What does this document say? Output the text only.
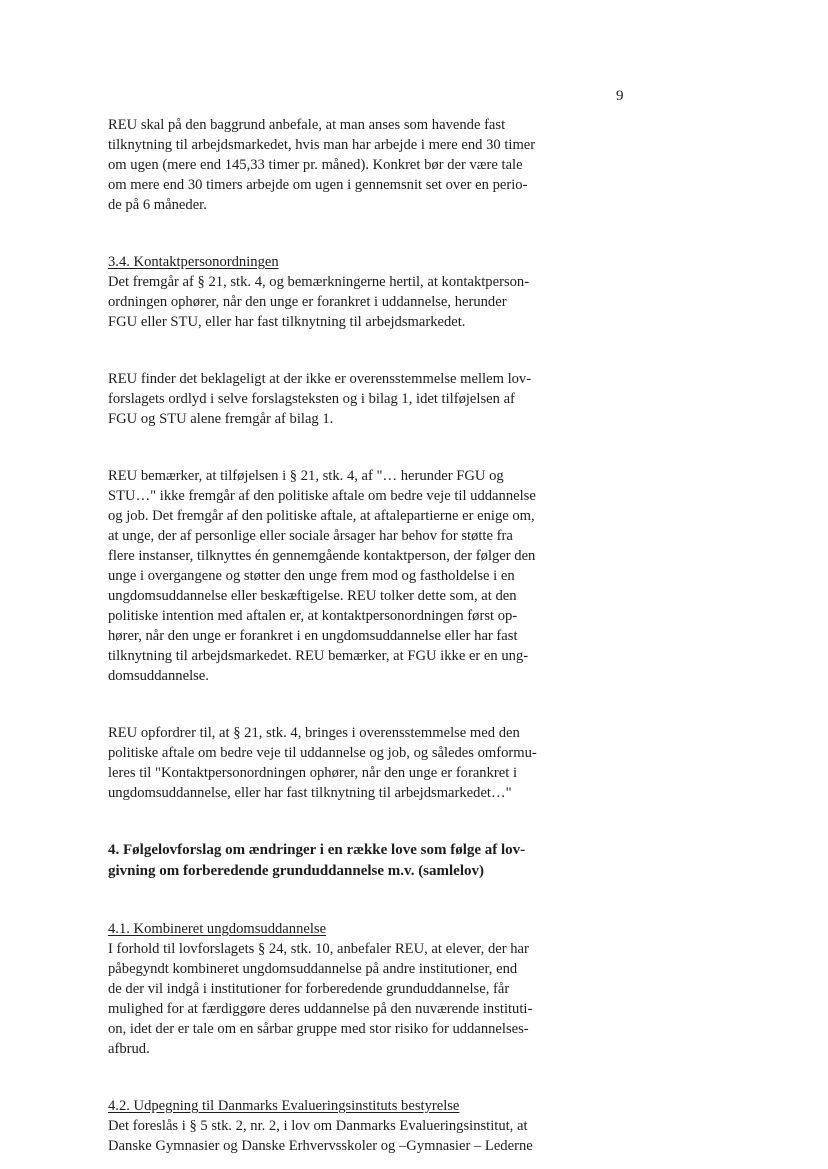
9

REU skal på den baggrund anbefale, at man anses som havende fast
tilknytning til arbejdsmarkedet, hvis man har arbejde i mere end 30 timer
om ugen (mere end 145,33 timer pr. måned). Konkret bør der være tale
om mere end 30 timers arbejde om ugen i gennemsnit set over en perio-
de på 6 måneder.

3.4. Kontaktpersonordningen
Det fremgår af § 21, stk. 4, og bemærkningerne hertil, at kontaktperson-
ordningen ophører, når den unge er forankret i uddannelse, herunder
FGU eller STU, eller har fast tilknytning til arbejdsmarkedet.

REU finder det beklageligt at der ikke er overensstemmelse mellem lov-
forslagets ordlyd i selve forslagsteksten og i bilag 1, idet tilføjelsen af
FGU og STU alene fremgår af bilag 1.

REU bemærker, at tilføjelsen i § 21, stk. 4, af "… herunder FGU og
STU…" ikke fremgår af den politiske aftale om bedre veje til uddannelse
og job. Det fremgår af den politiske aftale, at aftalepartierne er enige om,
at unge, der af personlige eller sociale årsager har behov for støtte fra
flere instanser, tilknyttes én gennemgående kontaktperson, der følger den
unge i overgangene og støtter den unge frem mod og fastholdelse i en
ungdomsuddannelse eller beskæftigelse. REU tolker dette som, at den
politiske intention med aftalen er, at kontaktpersonordningen først op-
hører, når den unge er forankret i en ungdomsuddannelse eller har fast
tilknytning til arbejdsmarkedet. REU bemærker, at FGU ikke er en ung-
domsuddannelse.

REU opfordrer til, at § 21, stk. 4, bringes i overensstemmelse med den
politiske aftale om bedre veje til uddannelse og job, og således omformu-
leres til "Kontaktpersonordningen ophører, når den unge er forankret i
ungdomsuddannelse, eller har fast tilknytning til arbejdsmarkedet…"

4. Følgelovforslag om ændringer i en række love som følge af lov-
givning om forberedende grunduddannelse m.v. (samlelov)

4.1. Kombineret ungdomsuddannelse
I forhold til lovforslagets § 24, stk. 10, anbefaler REU, at elever, der har
påbegyndt kombineret ungdomsuddannelse på andre institutioner, end
de der vil indgå i institutioner for forberedende grunduddannelse, får
mulighed for at færdiggøre deres uddannelse på den nuværende instituti-
on, idet der er tale om en sårbar gruppe med stor risiko for uddannelses-
afbrud.

4.2. Udpegning til Danmarks Evalueringsinstituts bestyrelse
Det foreslås i § 5 stk. 2, nr. 2, i lov om Danmarks Evalueringsinstitut, at
Danske Gymnasier og Danske Erhvervsskoler og –Gymnasier – Lederne
